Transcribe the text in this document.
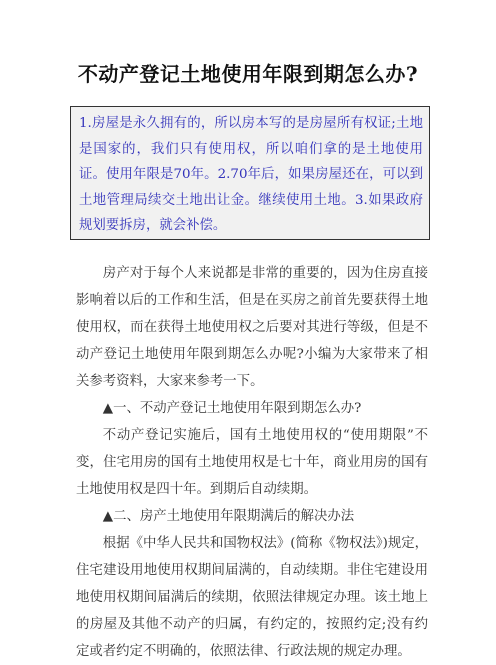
不动产登记土地使用年限到期怎么办?

1.房屋是永久拥有的，所以房本写的是房屋所有权证;土地是国家的，我们只有使用权，所以咱们拿的是土地使用证。使用年限是70年。2.70年后，如果房屋还在，可以到土地管理局续交土地出让金。继续使用土地。3.如果政府规划要拆房，就会补偿。

房产对于每个人来说都是非常的重要的，因为住房直接影响着以后的工作和生活，但是在买房之前首先要获得土地使用权，而在获得土地使用权之后要对其进行等级，但是不动产登记土地使用年限到期怎么办呢?小编为大家带来了相关参考资料，大家来参考一下。

▲一、不动产登记土地使用年限到期怎么办?

不动产登记实施后，国有土地使用权的“使用期限”不变，住宅用房的国有土地使用权是七十年，商业用房的国有土地使用权是四十年。到期后自动续期。

▲二、房产土地使用年限期满后的解决办法

根据《中华人民共和国物权法》(简称《物权法》)规定，住宅建设用地使用权期间届满的，自动续期。非住宅建设用地使用权期间届满后的续期，依照法律规定办理。该土地上的房屋及其他不动产的归属，有约定的，按照约定;没有约定或者约定不明确的，依照法律、行政法规的规定办理。
